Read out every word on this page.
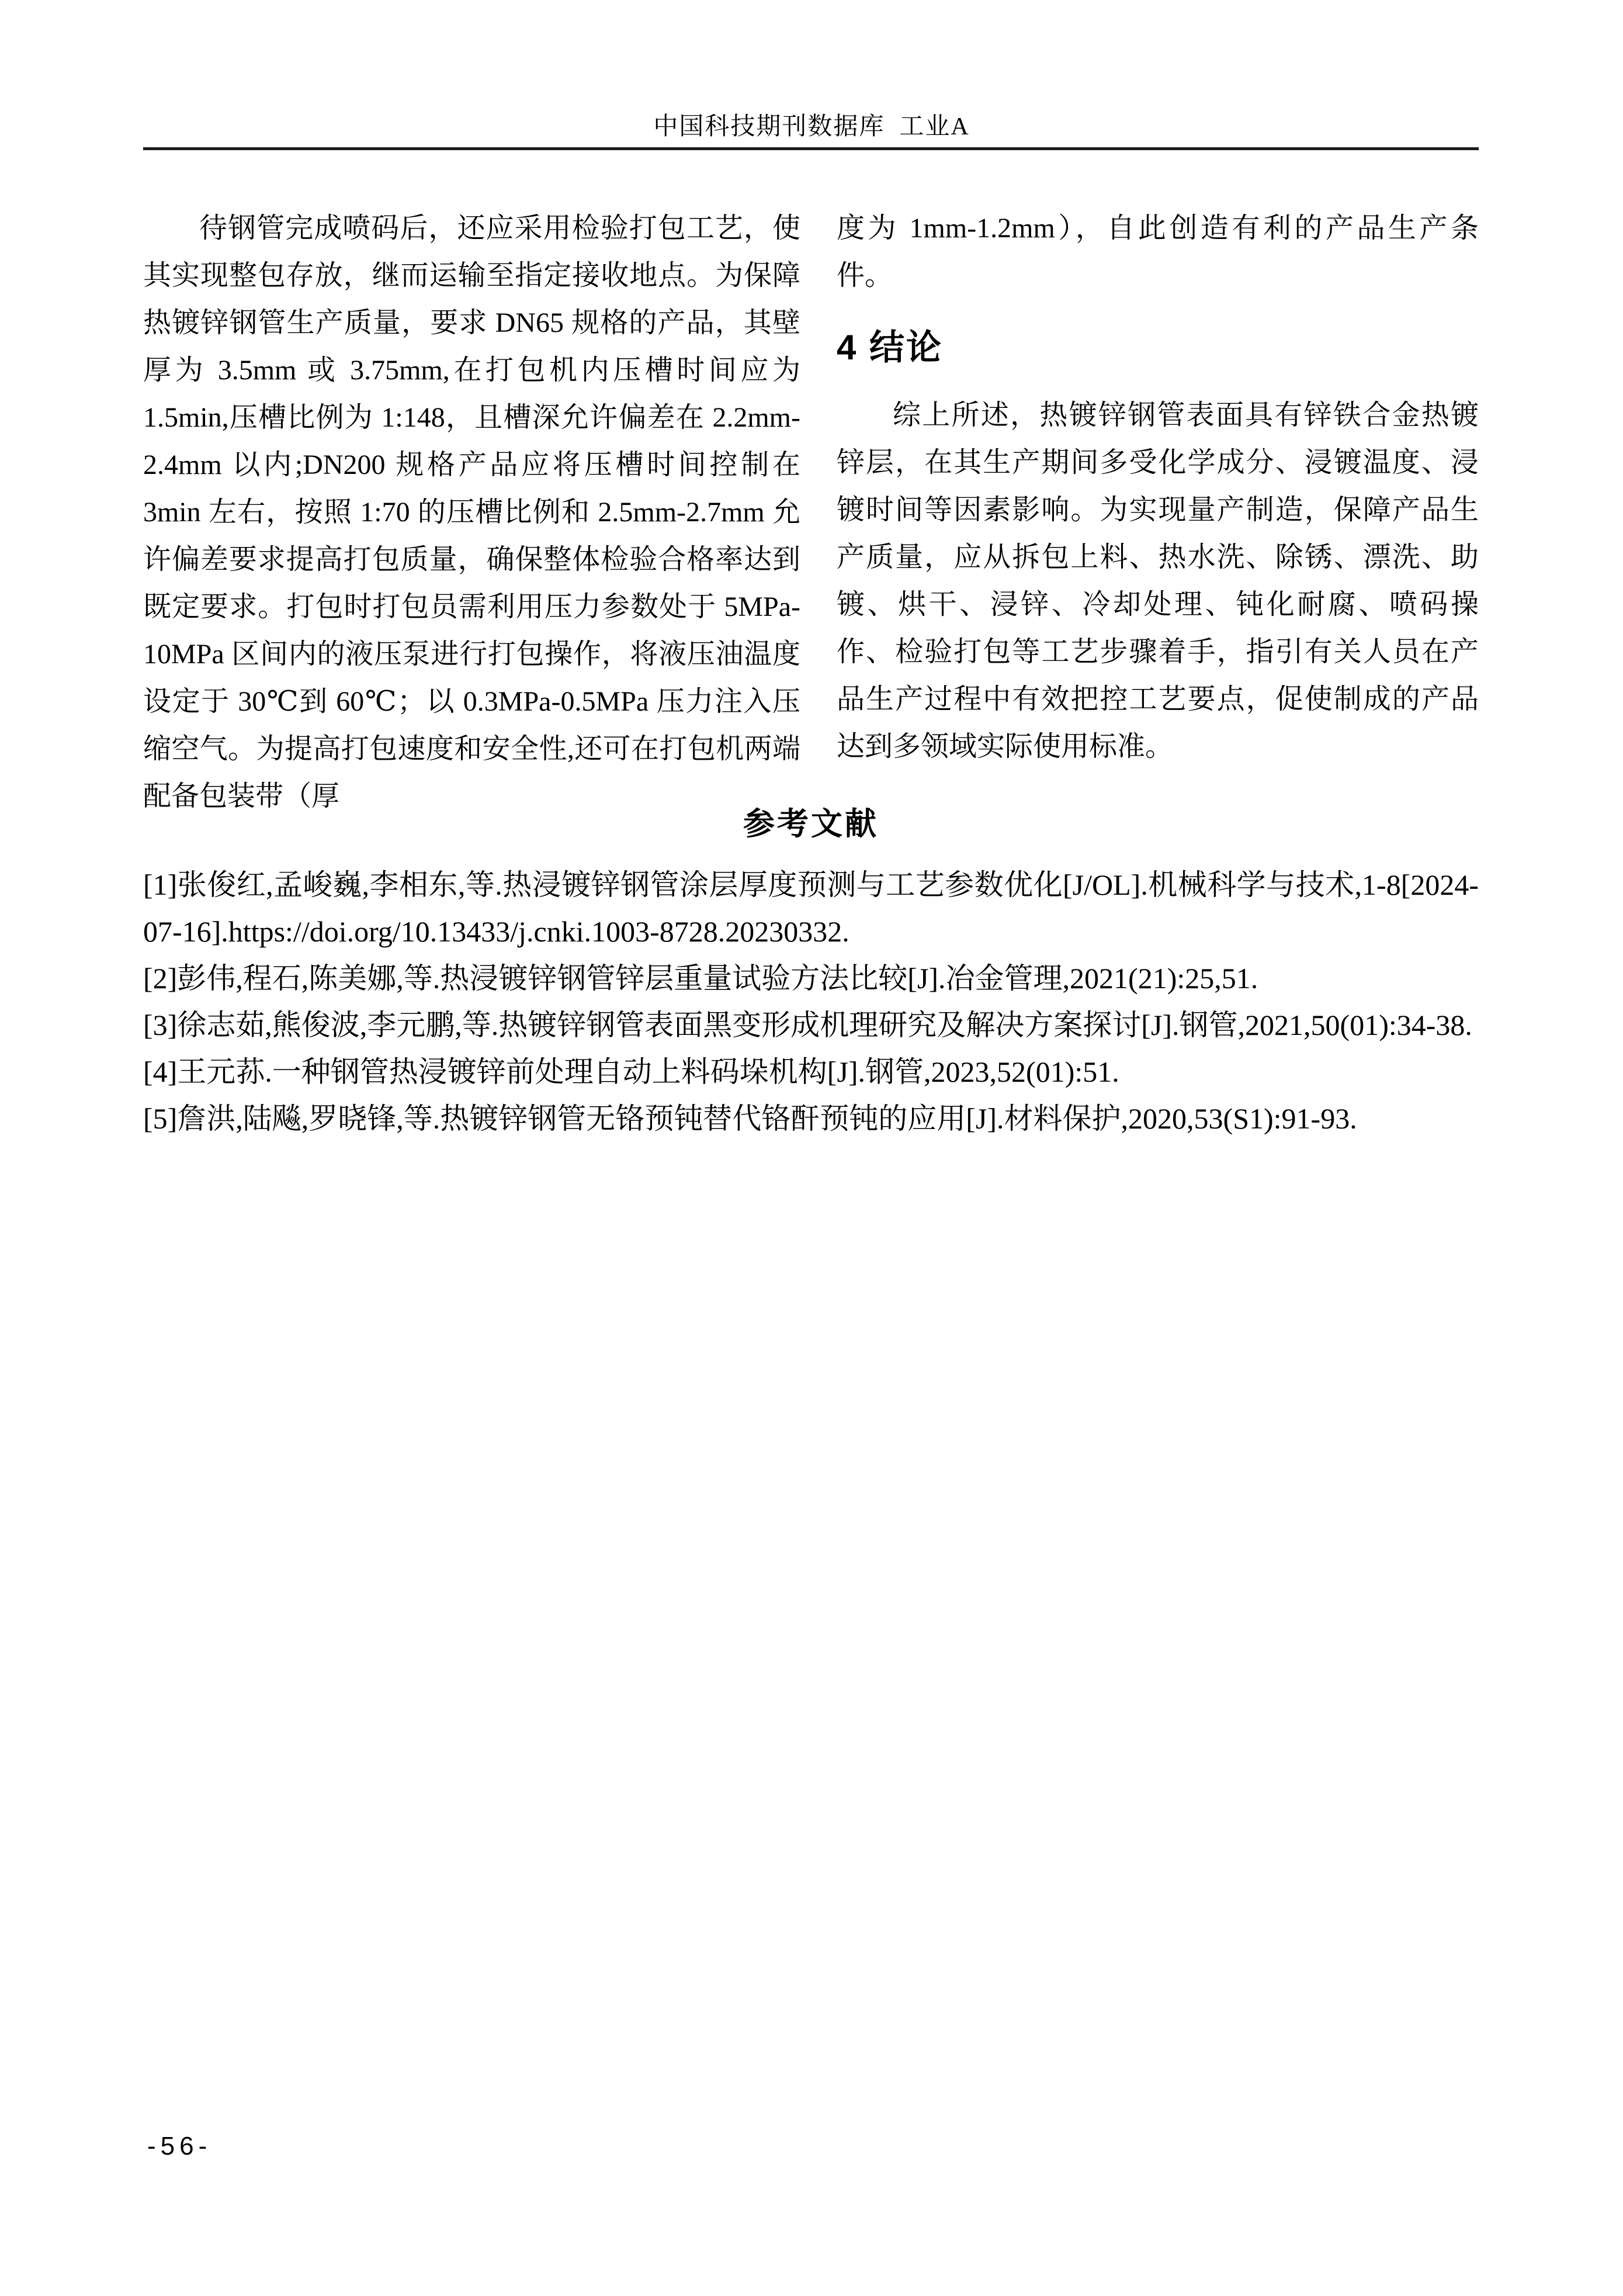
中国科技期刊数据库  工业A

待钢管完成喷码后，还应采用检验打包工艺，使其实现整包存放，继而运输至指定接收地点。为保障热镀锌钢管生产质量，要求 DN65 规格的产品，其壁厚为 3.5mm 或 3.75mm,在打包机内压槽时间应为 1.5min,压槽比例为 1:148，且槽深允许偏差在 2.2mm-2.4mm 以内;DN200 规格产品应将压槽时间控制在 3min 左右，按照 1:70 的压槽比例和 2.5mm-2.7mm 允许偏差要求提高打包质量，确保整体检验合格率达到既定要求。打包时打包员需利用压力参数处于 5MPa-10MPa 区间内的液压泵进行打包操作，将液压油温度设定于 30℃到 60℃；以 0.3MPa-0.5MPa 压力注入压缩空气。为提高打包速度和安全性,还可在打包机两端配备包装带（厚

度为 1mm-1.2mm），自此创造有利的产品生产条件。

4 结论

综上所述，热镀锌钢管表面具有锌铁合金热镀锌层，在其生产期间多受化学成分、浸镀温度、浸镀时间等因素影响。为实现量产制造，保障产品生产质量，应从拆包上料、热水洗、除锈、漂洗、助镀、烘干、浸锌、冷却处理、钝化耐腐、喷码操作、检验打包等工艺步骤着手，指引有关人员在产品生产过程中有效把控工艺要点，促使制成的产品达到多领域实际使用标准。

参考文献

[1]张俊红,孟峻巍,李相东,等.热浸镀锌钢管涂层厚度预测与工艺参数优化[J/OL].机械科学与技术,1-8[2024-07-16].https://doi.org/10.13433/j.cnki.1003-8728.20230332.

[2]彭伟,程石,陈美娜,等.热浸镀锌钢管锌层重量试验方法比较[J].冶金管理,2021(21):25,51.

[3]徐志茹,熊俊波,李元鹏,等.热镀锌钢管表面黑变形成机理研究及解决方案探讨[J].钢管,2021,50(01):34-38.

[4]王元荪.一种钢管热浸镀锌前处理自动上料码垛机构[J].钢管,2023,52(01):51.

[5]詹洪,陆飚,罗晓锋,等.热镀锌钢管无铬预钝替代铬酐预钝的应用[J].材料保护,2020,53(S1):91-93.

-56-
